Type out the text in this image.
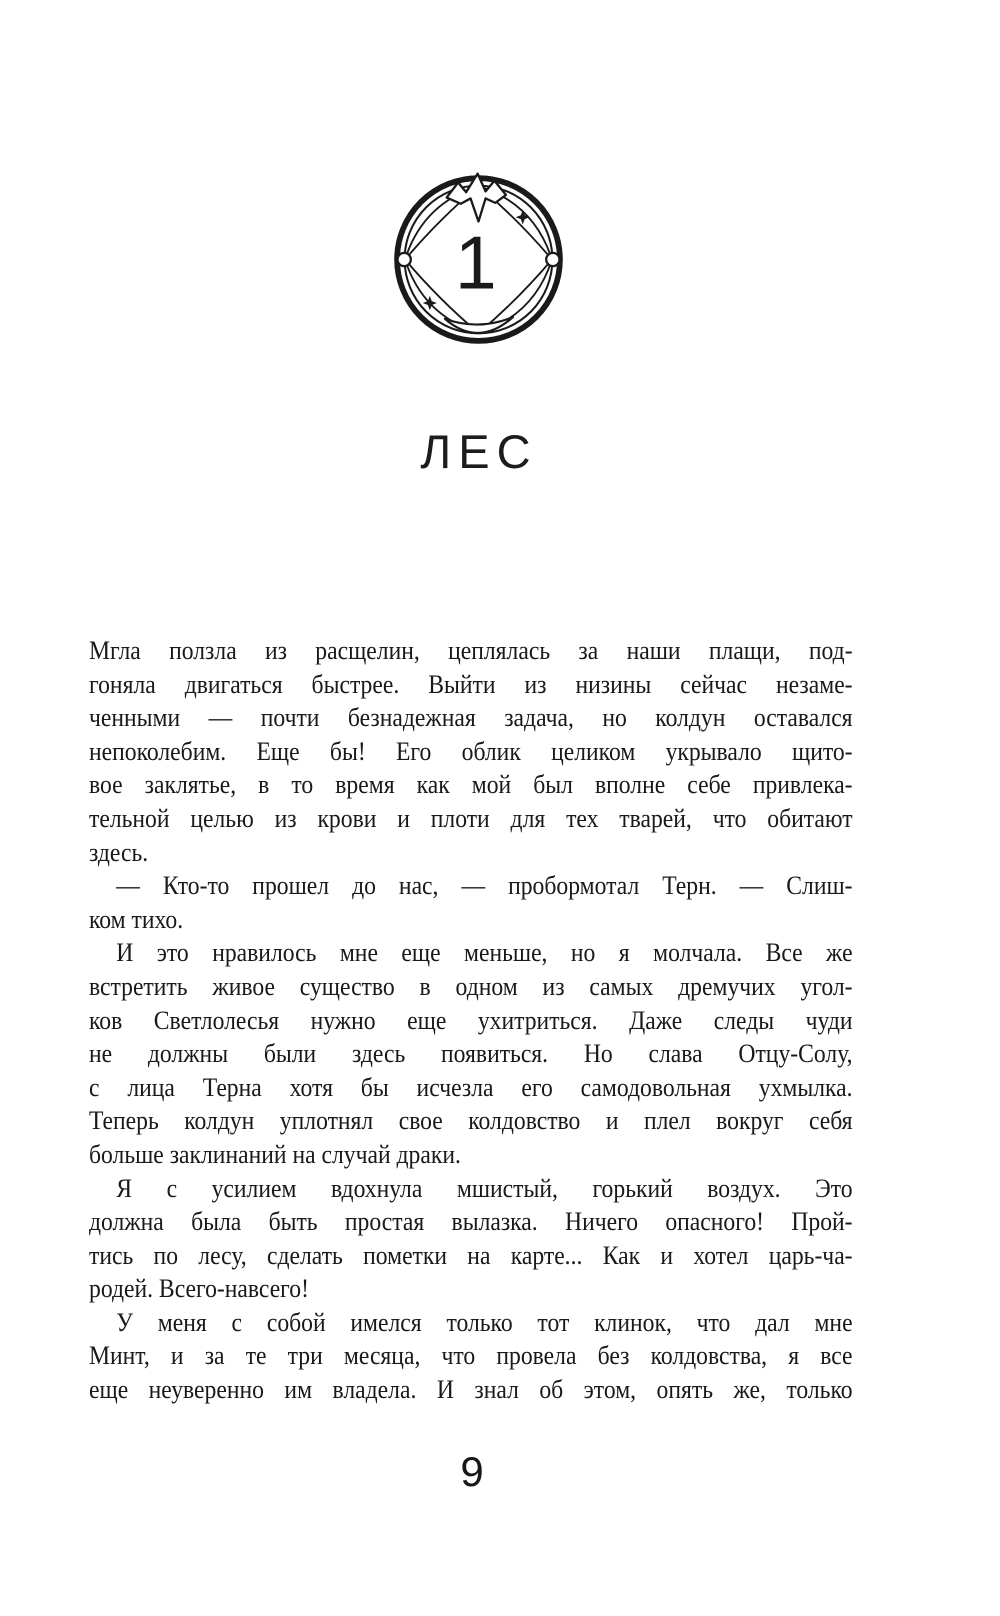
1
ЛЕС
Мгла ползла из расщелин, цеплялась за наши плащи, под-
гоняла двигаться быстрее. Выйти из низины сейчас незаме-
ченными — почти безнадежная задача, но колдун оставался
непоколебим. Еще бы! Его облик целиком укрывало щито-
вое заклятье, в то время как мой был вполне себе привлека-
тельной целью из крови и плоти для тех тварей, что обитают
здесь.
— Кто-то прошел до нас, — пробормотал Терн. — Слиш-
ком тихо.
И это нравилось мне еще меньше, но я молчала. Все же
встретить живое существо в одном из самых дремучих угол-
ков Светлолесья нужно еще ухитриться. Даже следы чуди
не должны были здесь появиться. Но слава Отцу-Солу,
с лица Терна хотя бы исчезла его самодовольная ухмылка.
Теперь колдун уплотнял свое колдовство и плел вокруг себя
больше заклинаний на случай драки.
Я с усилием вдохнула мшистый, горький воздух. Это
должна была быть простая вылазка. Ничего опасного! Прой-
тись по лесу, сделать пометки на карте... Как и хотел царь-ча-
родей. Всего-навсего!
У меня с собой имелся только тот клинок, что дал мне
Минт, и за те три месяца, что провела без колдовства, я все
еще неуверенно им владела. И знал об этом, опять же, только
9
